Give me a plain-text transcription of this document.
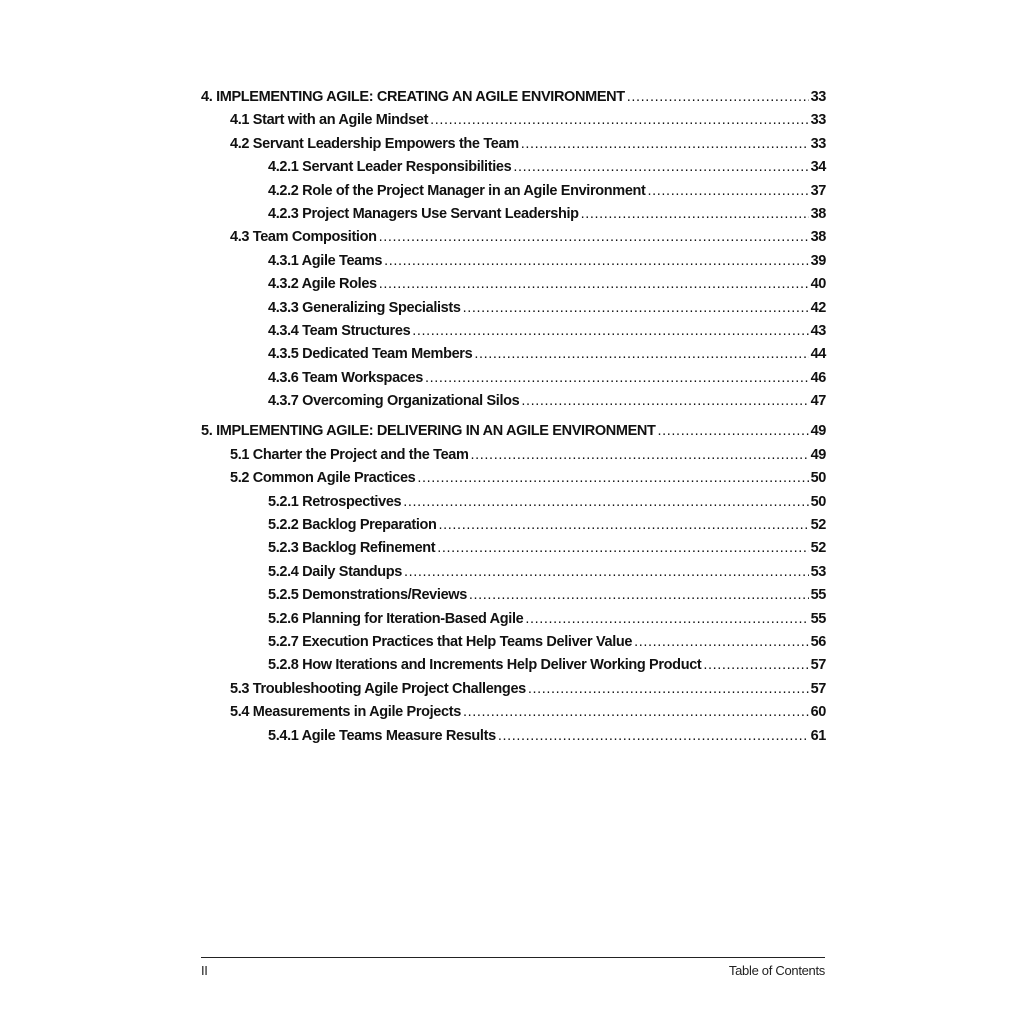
4. IMPLEMENTING AGILE: CREATING AN AGILE ENVIRONMENT .....	33
4.1 Start with an Agile Mindset .....	33
4.2 Servant Leadership Empowers the Team .....	33
4.2.1 Servant Leader Responsibilities .....	34
4.2.2 Role of the Project Manager in an Agile Environment .....	37
4.2.3 Project Managers Use Servant Leadership .....	38
4.3 Team Composition .....	38
4.3.1 Agile Teams .....	39
4.3.2 Agile Roles .....	40
4.3.3 Generalizing Specialists .....	42
4.3.4 Team Structures .....	43
4.3.5 Dedicated Team Members .....	44
4.3.6 Team Workspaces .....	46
4.3.7 Overcoming Organizational Silos .....	47
5. IMPLEMENTING AGILE: DELIVERING IN AN AGILE ENVIRONMENT .....	49
5.1 Charter the Project and the Team .....	49
5.2 Common Agile Practices .....	50
5.2.1 Retrospectives .....	50
5.2.2 Backlog Preparation .....	52
5.2.3 Backlog Refinement .....	52
5.2.4 Daily Standups .....	53
5.2.5 Demonstrations/Reviews .....	55
5.2.6 Planning for Iteration-Based Agile .....	55
5.2.7 Execution Practices that Help Teams Deliver Value .....	56
5.2.8 How Iterations and Increments Help Deliver Working Product .....	57
5.3 Troubleshooting Agile Project Challenges .....	57
5.4 Measurements in Agile Projects .....	60
5.4.1 Agile Teams Measure Results .....	61
II	Table of Contents
